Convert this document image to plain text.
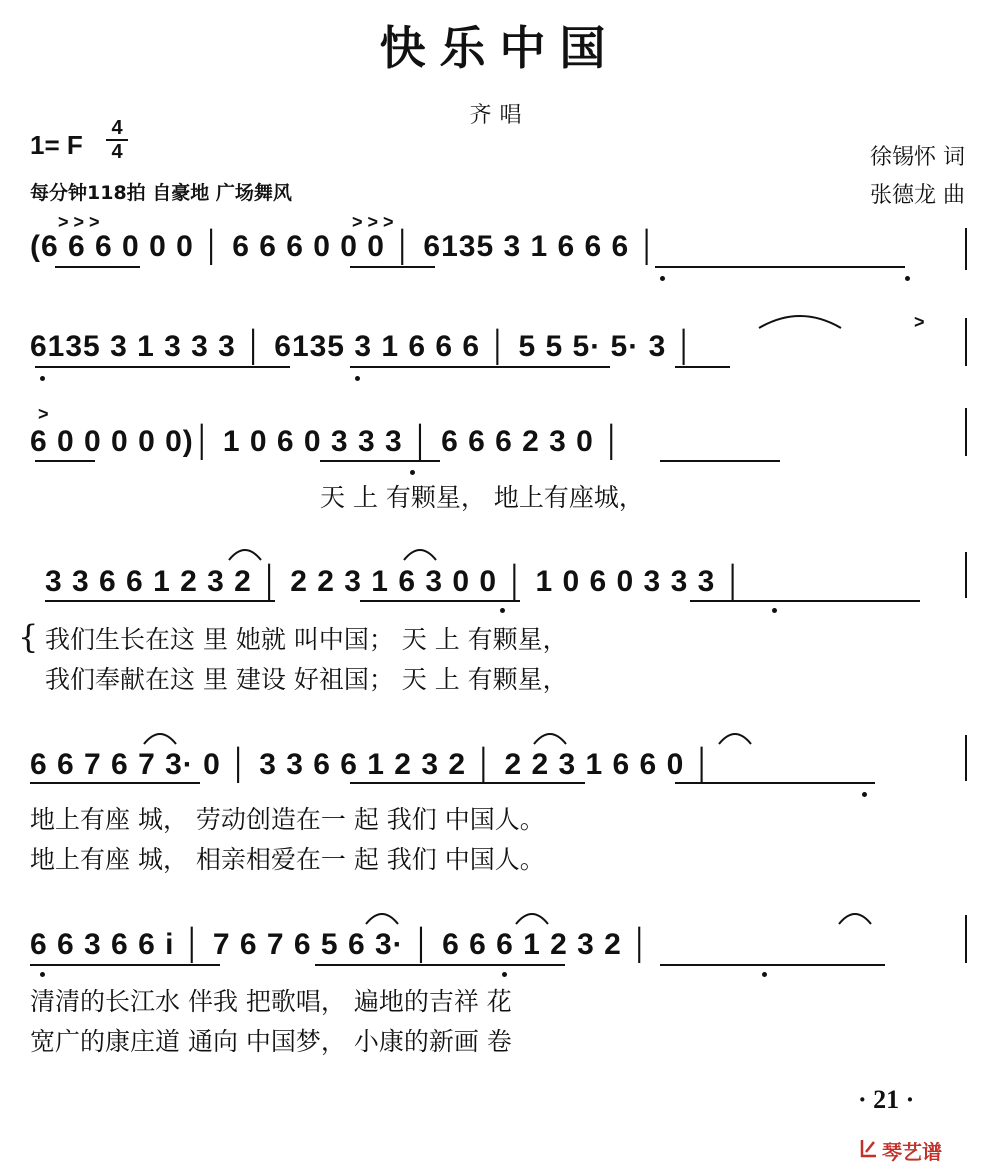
快乐中国
齐唱
1= F
4
4
每分钟118拍 自豪地 广场舞风
徐锡怀 词
张德龙 曲
(6 6 6 0 0 0 │ 6 6 6 0 0 0 │ 6135 3 1 6 6 6 │
> > >	> > >
6135 3 1 3 3 3 │ 6135 3 1 6 6 6 │ 5 5 5· 5· 3 │
>
>
6 0 0 0 0 0)│ 1 0 6 0 3 3 3 │ 6 6 6 2 3 0 │
天 上 有颗星， 地上有座城，
3 3 6 6 1 2 3 2 │ 2 2 3 1 6 3 0 0 │ 1 0 6 0 3 3 3 │
{ 我们生长在这 里 她就 叫中国； 天 上 有颗星，
我们奉献在这 里 建设 好祖国； 天 上 有颗星，
6 6 7 6 7 3· 0 │ 3 3 6 6 1 2 3 2 │ 2 2 3 1 6 6 0 │
地上有座 城， 劳动创造在一 起 我们 中国人。
地上有座 城， 相亲相爱在一 起 我们 中国人。
6 6 3 6 6 i │ 7 6 7 6 5 6 3· │ 6 6 6 1 2 3 2 │
清清的长江水 伴我 把歌唱， 遍地的吉祥 花
宽广的康庄道 通向 中国梦， 小康的新画 卷
· 21 ·
琴艺谱
